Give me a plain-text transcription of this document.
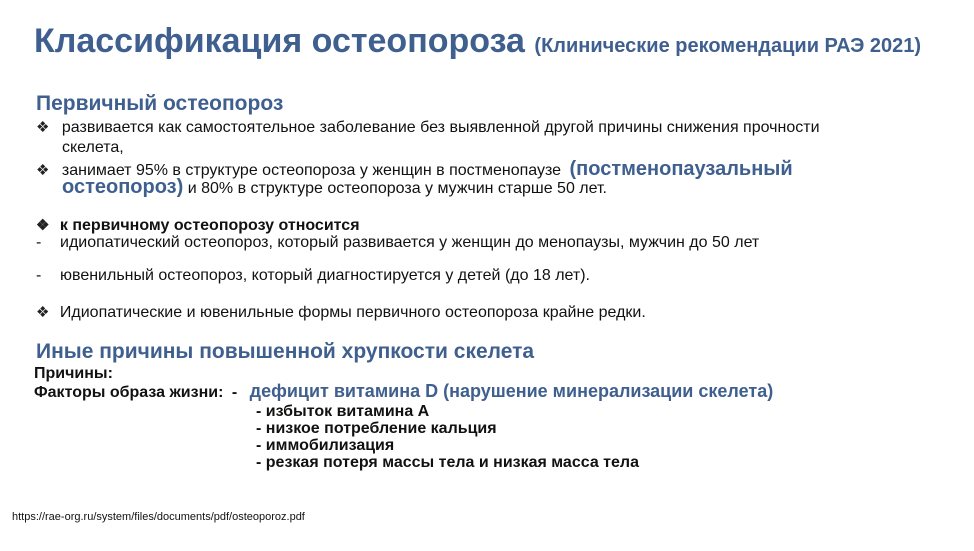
Классификация остеопороза (Клинические рекомендации РАЭ 2021)
Первичный остеопороз
❖ развивается как самостоятельное заболевание без выявленной другой причины снижения прочности
скелета,
❖ занимает 95% в структуре остеопороза у женщин в постменопаузе (постменопаузальный
остеопороз) и 80% в структуре остеопороза у мужчин старше 50 лет.
❖ к первичному остеопорозу относится
- идиопатический остеопороз, который развивается у женщин до менопаузы, мужчин до 50 лет
- ювенильный остеопороз, который диагностируется у детей (до 18 лет).
❖ Идиопатические и ювенильные формы первичного остеопороза крайне редки.
Иные причины повышенной хрупкости скелета
Причины:
Факторы образа жизни: - дефицит витамина D (нарушение минерализации скелета)
- избыток витамина А
- низкое потребление кальция
- иммобилизация
- резкая потеря массы тела и низкая масса тела
https://rae-org.ru/system/files/documents/pdf/osteoporoz.pdf
